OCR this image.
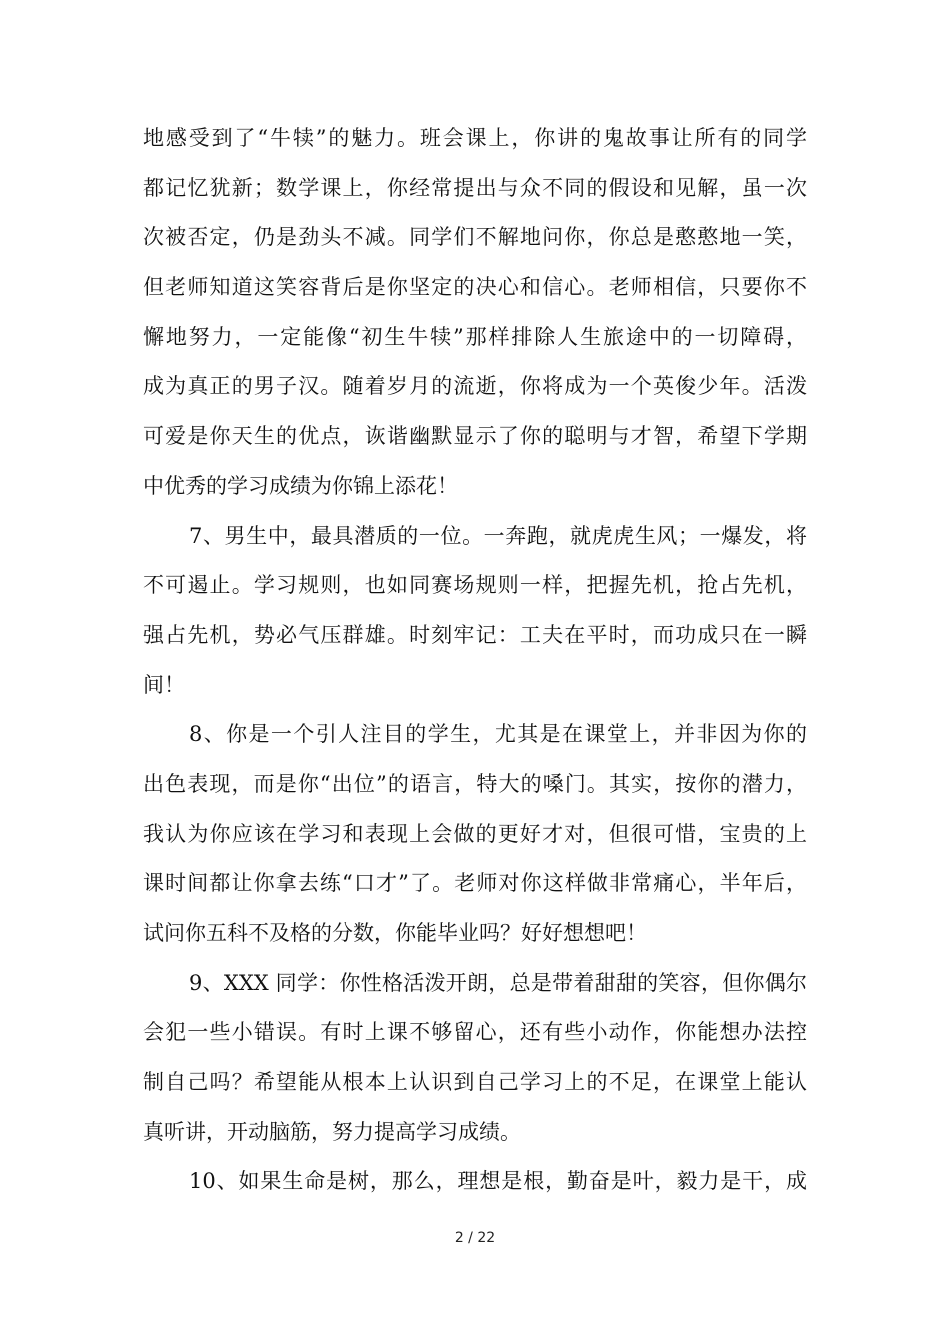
地感受到了“牛犊”的魅力。班会课上，你讲的鬼故事让所有的同学
都记忆犹新；数学课上，你经常提出与众不同的假设和见解，虽一次
次被否定，仍是劲头不减。同学们不解地问你，你总是憨憨地一笑，
但老师知道这笑容背后是你坚定的决心和信心。老师相信，只要你不
懈地努力，一定能像“初生牛犊”那样排除人生旅途中的一切障碍，
成为真正的男子汉。随着岁月的流逝，你将成为一个英俊少年。活泼
可爱是你天生的优点，诙谐幽默显示了你的聪明与才智，希望下学期
中优秀的学习成绩为你锦上添花！
7、男生中，最具潜质的一位。一奔跑，就虎虎生风；一爆发，将
不可遏止。学习规则，也如同赛场规则一样，把握先机，抢占先机，
强占先机，势必气压群雄。时刻牢记：工夫在平时，而功成只在一瞬
间！
8、你是一个引人注目的学生，尤其是在课堂上，并非因为你的
出色表现，而是你“出位”的语言，特大的嗓门。其实，按你的潜力，
我认为你应该在学习和表现上会做的更好才对，但很可惜，宝贵的上
课时间都让你拿去练“口才”了。老师对你这样做非常痛心，半年后，
试问你五科不及格的分数，你能毕业吗？好好想想吧！
9、XXX 同学：你性格活泼开朗，总是带着甜甜的笑容，但你偶尔
会犯一些小错误。有时上课不够留心，还有些小动作，你能想办法控
制自己吗？希望能从根本上认识到自己学习上的不足，在课堂上能认
真听讲，开动脑筋，努力提高学习成绩。
10、如果生命是树，那么，理想是根，勤奋是叶，毅力是干，成
2 / 22
